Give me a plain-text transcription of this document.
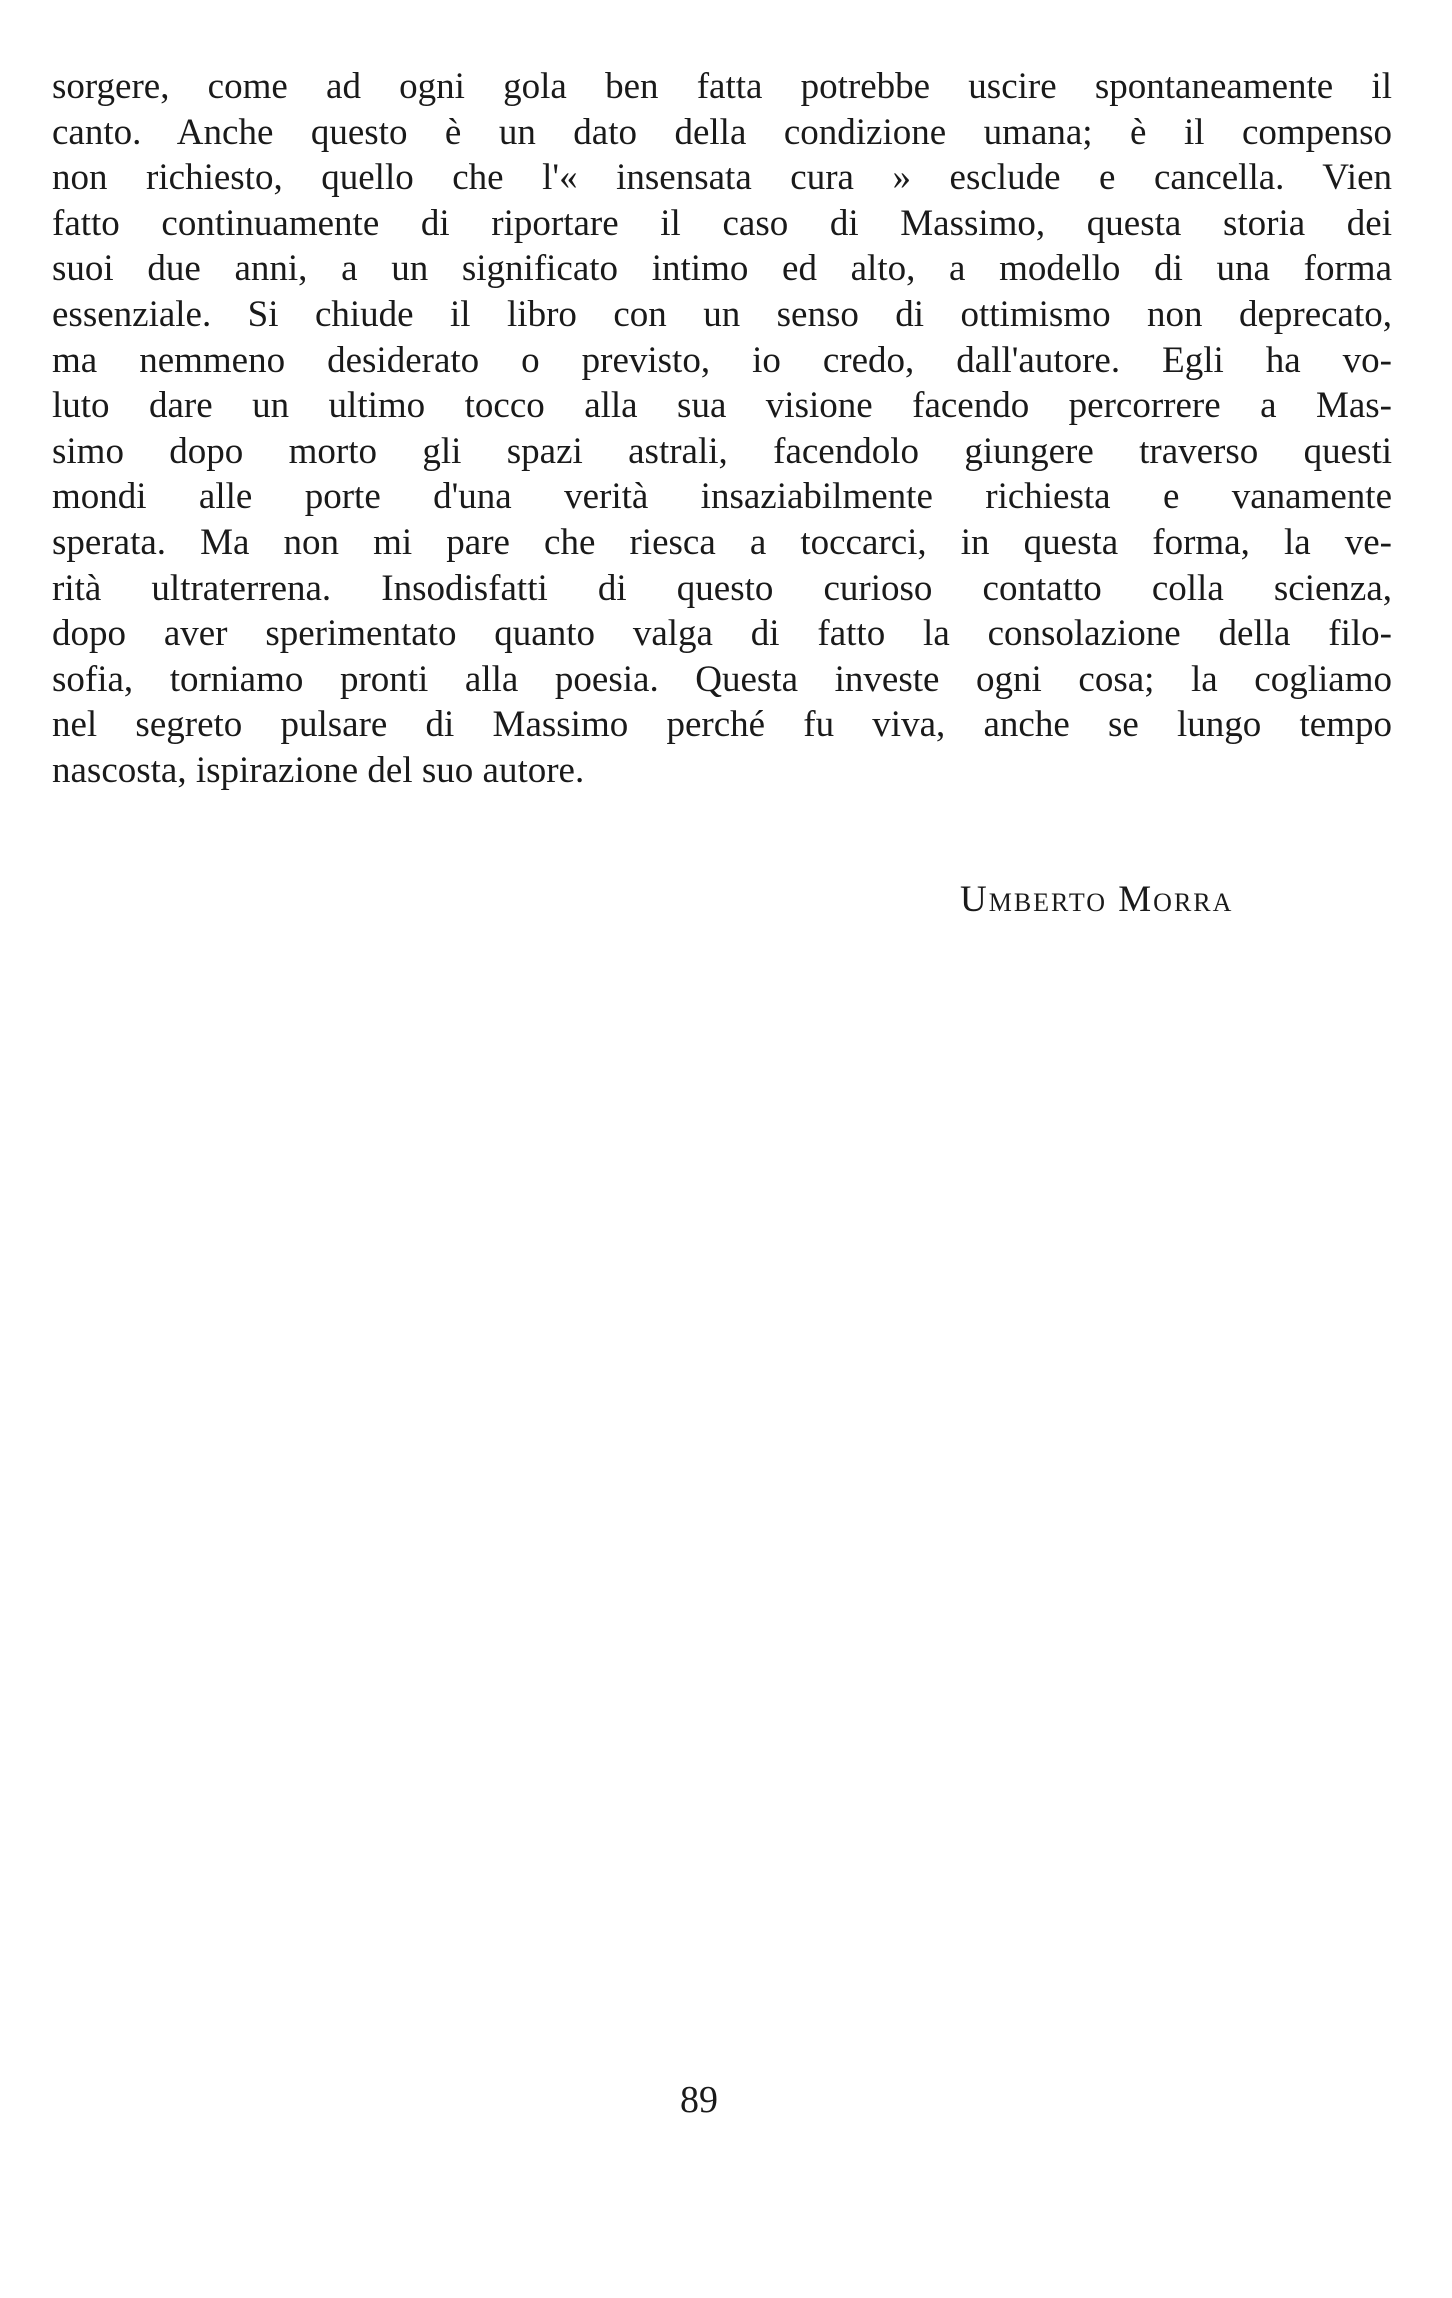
sorgere, come ad ogni gola ben fatta potrebbe uscire spontaneamente il
canto. Anche questo è un dato della condizione umana; è il compenso
non richiesto, quello che l'« insensata cura » esclude e cancella. Vien
fatto continuamente di riportare il caso di Massimo, questa storia dei
suoi due anni, a un significato intimo ed alto, a modello di una forma
essenziale. Si chiude il libro con un senso di ottimismo non deprecato,
ma nemmeno desiderato o previsto, io credo, dall'autore. Egli ha vo-
luto dare un ultimo tocco alla sua visione facendo percorrere a Mas-
simo dopo morto gli spazi astrali, facendolo giungere traverso questi
mondi alle porte d'una verità insaziabilmente richiesta e vanamente
sperata. Ma non mi pare che riesca a toccarci, in questa forma, la ve-
rità ultraterrena. Insodisfatti di questo curioso contatto colla scienza,
dopo aver sperimentato quanto valga di fatto la consolazione della filo-
sofia, torniamo pronti alla poesia. Questa investe ogni cosa; la cogliamo
nel segreto pulsare di Massimo perché fu viva, anche se lungo tempo
nascosta, ispirazione del suo autore.
Umberto Morra
89
